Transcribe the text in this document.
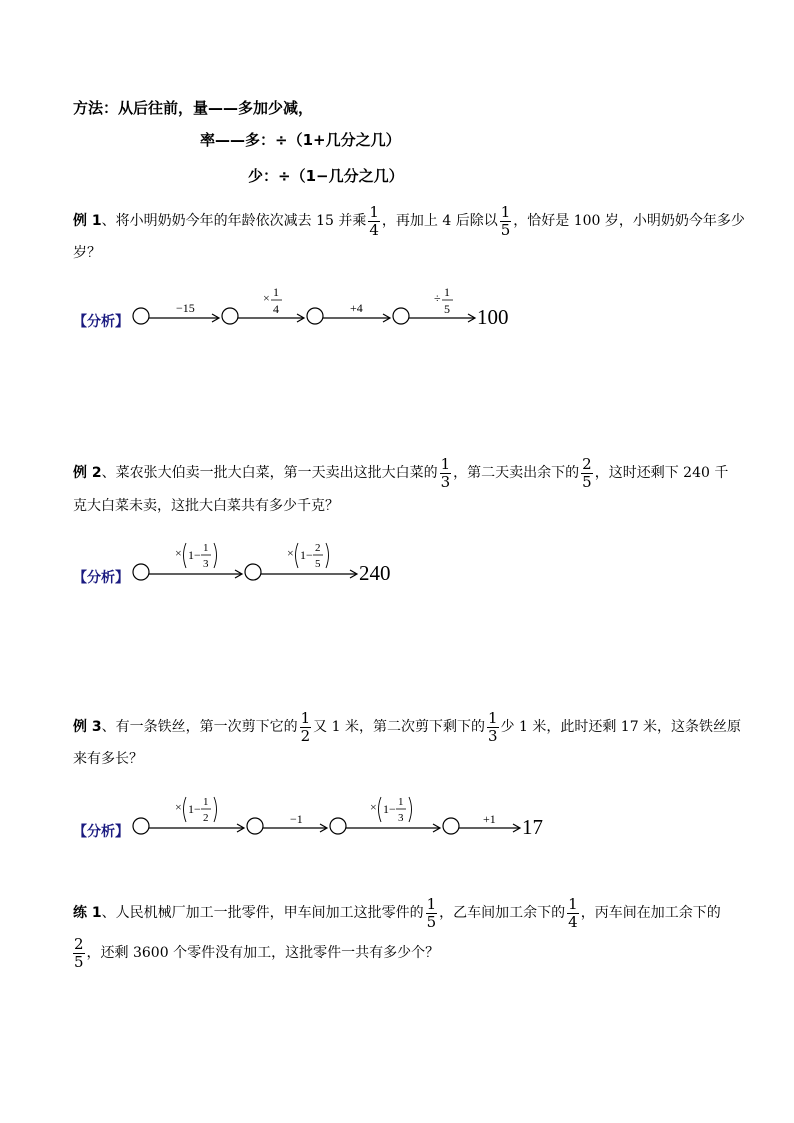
方法：从后往前，量——多加少减，
率——多：÷（1+几分之几）
少：÷（1−几分之几）
例 1、将小明奶奶今年的年龄依次减去 15 并乘 $\frac{1}{4}$ ，再加上 4 后除以 $\frac{1}{5}$ ，恰好是 100 岁，小明奶奶今年多少
岁？
【分析】
−15
× 1
4	+4
÷ 1
5 100
× 1− 1
3
× 1− 2
5 240
× 1− 1
2	−1
× 1− 1
3	+1 17
例 2、菜农张大伯卖一批大白菜，第一天卖出这批大白菜的 $\frac{1}{3}$ ，第二天卖出余下的 $\frac{2}{5}$ ，这时还剩下 240 千
克大白菜未卖，这批大白菜共有多少千克？
【分析】
例 3、有一条铁丝，第一次剪下它的 $\frac{1}{2}$ 又 1 米，第二次剪下剩下的 $\frac{1}{3}$ 少 1 米，此时还剩 17 米，这条铁丝原
来有多长？
【分析】
练 1、人民机械厂加工一批零件，甲车间加工这批零件的 $\frac{1}{5}$ ，乙车间加工余下的 $\frac{1}{4}$ ，丙车间在加工余下的
$\frac{2}{5}$ ，还剩 3600 个零件没有加工，这批零件一共有多少个？
